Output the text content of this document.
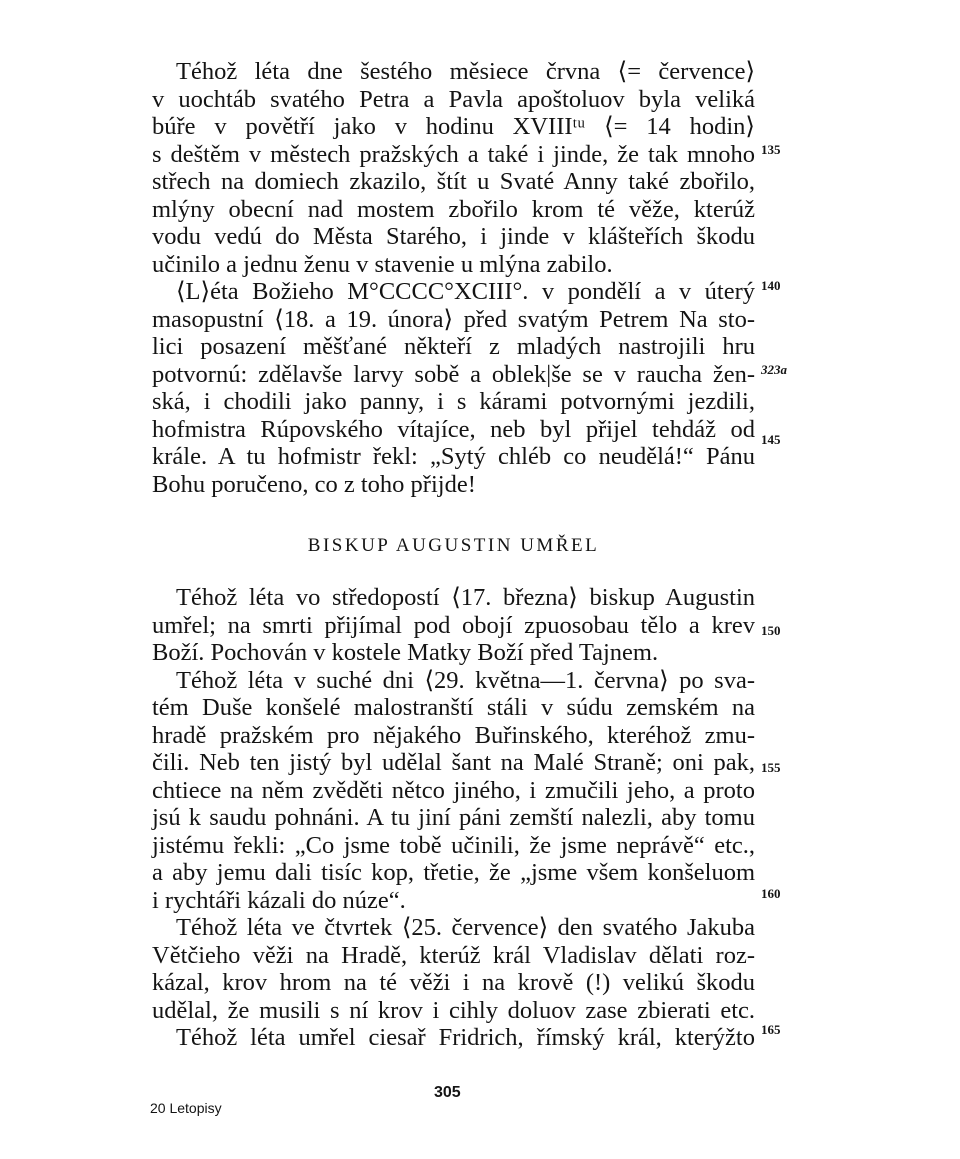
Téhož léta dne šestého měsiece črvna ⟨= července⟩
v uochtáb svatého Petra a Pavla apoštoluov byla veliká
búře v povětří jako v hodinu XVIIIᵗᵘ ⟨= 14 hodin⟩
s deštěm v městech pražských a také i jinde, že tak mnoho
střech na domiech zkazilo, štít u Svaté Anny také zbořilo,
mlýny obecní nad mostem zbořilo krom té věže, kterúž
vodu vedú do Města Starého, i jinde v klášteřích škodu
učinilo a jednu ženu v stavenie u mlýna zabilo.
⟨L⟩éta Božieho M°CCCC°XCIII°. v pondělí a v úterý
masopustní ⟨18. a 19. února⟩ před svatým Petrem Na sto-
lici posazení měšťané někteří z mladých nastrojili hru
potvornú: zdělavše larvy sobě a oblek|še se v raucha žen-
ská, i chodili jako panny, i s kárami potvornými jezdili,
hofmistra Rúpovského vítajíce, neb byl přijel tehdáž od
krále. A tu hofmistr řekl: „Sytý chléb co neudělá!“ Pánu
Bohu poručeno, co z toho přijde!
BISKUP AUGUSTIN UMŘEL
Téhož léta vo středopostí ⟨17. března⟩ biskup Augustin
umřel; na smrti přijímal pod obojí zpuosobau tělo a krev
Boží. Pochován v kostele Matky Boží před Tajnem.
Téhož léta v suché dni ⟨29. května—1. června⟩ po sva-
tém Duše konšelé malostranští stáli v súdu zemském na
hradě pražském pro nějakého Buřinského, kteréhož zmu-
čili. Neb ten jistý byl udělal šant na Malé Straně; oni pak,
chtiece na něm zvěděti nětco jiného, i zmučili jeho, a proto
jsú k saudu pohnáni. A tu jiní páni zemští nalezli, aby tomu
jistému řekli: „Co jsme tobě učinili, že jsme neprávě“ etc.,
a aby jemu dali tisíc kop, třetie, že „jsme všem konšeluom
i rychtáři kázali do núze“.
Téhož léta ve čtvrtek ⟨25. července⟩ den svatého Jakuba
Větčieho věži na Hradě, kterúž král Vladislav dělati roz-
kázal, krov hrom na té věži i na krově (!) velikú škodu
udělal, že musili s ní krov i cihly doluov zase zbierati etc.
Téhož léta umřel ciesař Fridrich, římský král, kterýžto
135
140
323a
145
150
155
160
165
20 Letopisy
305
